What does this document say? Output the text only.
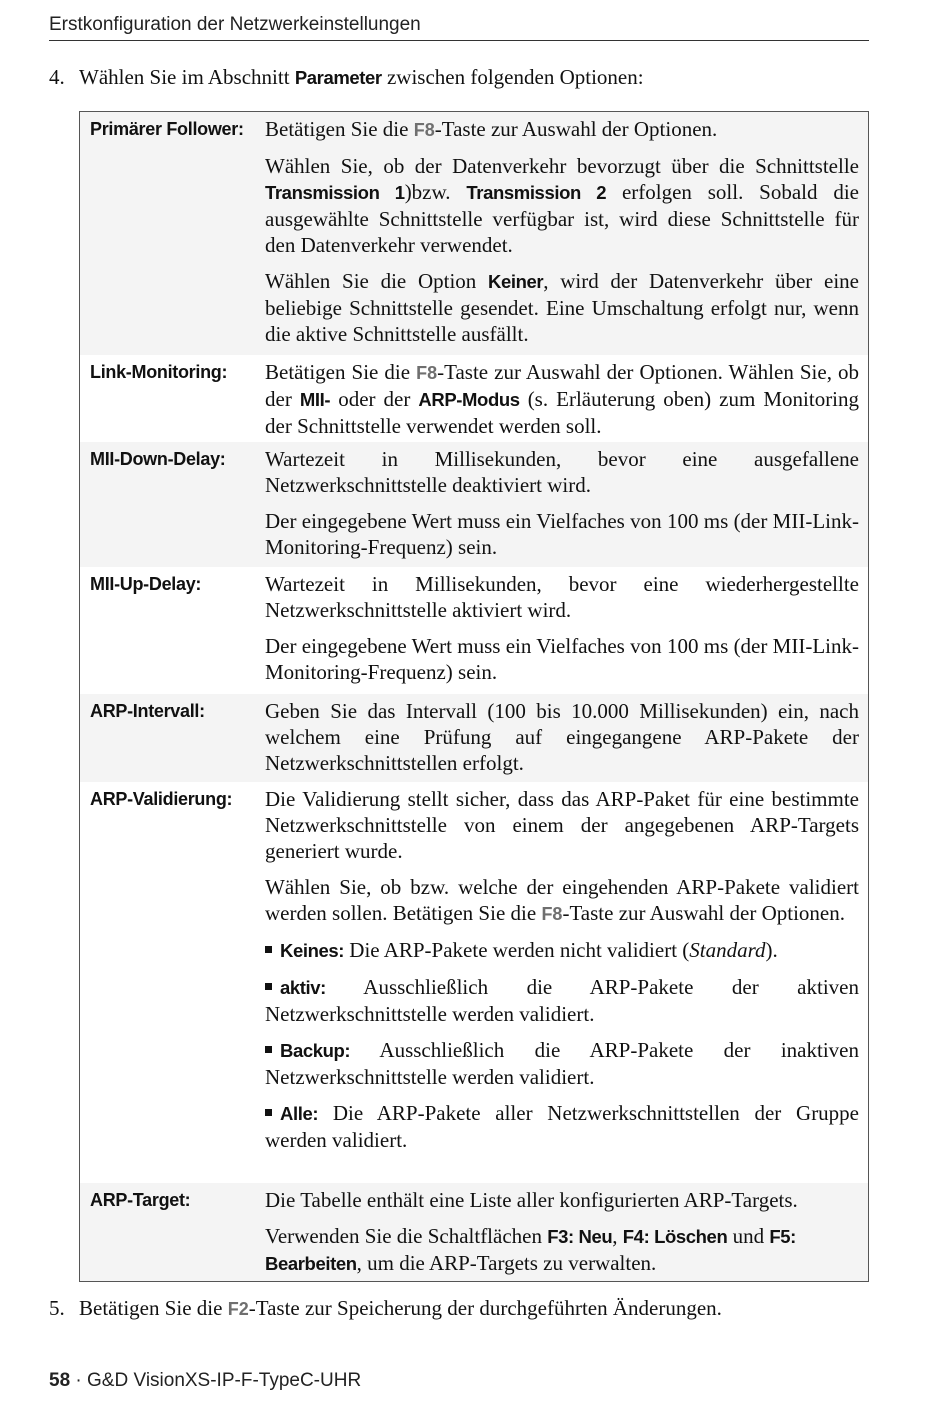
Erstkonfiguration der Netzwerkeinstellungen
4. Wählen Sie im Abschnitt Parameter zwischen folgenden Optionen:
Primärer Follower:	Betätigen Sie die F8-Taste zur Auswahl der Optionen.

Wählen Sie, ob der Datenverkehr bevorzugt über die Schnittstelle Transmission 1)bzw. Transmission 2 erfolgen soll. Sobald die ausgewählte Schnittstelle verfügbar ist, wird diese Schnittstelle für den Datenverkehr verwendet.

Wählen Sie die Option Keiner, wird der Datenverkehr über eine beliebige Schnittstelle gesendet. Eine Umschaltung erfolgt nur, wenn die aktive Schnittstelle ausfällt.

Link-Monitoring:	Betätigen Sie die F8-Taste zur Auswahl der Optionen. Wählen Sie, ob der MII- oder der ARP-Modus (s. Erläuterung oben) zum Monitoring der Schnittstelle verwendet werden soll.

MII-Down-Delay:	Wartezeit in Millisekunden, bevor eine ausgefallene Netzwerkschnittstelle deaktiviert wird.

Der eingegebene Wert muss ein Vielfaches von 100 ms (der MII-Link-Monitoring-Frequenz) sein.

MII-Up-Delay:	Wartezeit in Millisekunden, bevor eine wiederhergestellte Netzwerkschnittstelle aktiviert wird.

Der eingegebene Wert muss ein Vielfaches von 100 ms (der MII-Link-Monitoring-Frequenz) sein.

ARP-Intervall:	Geben Sie das Intervall (100 bis 10.000 Millisekunden) ein, nach welchem eine Prüfung auf eingegangene ARP-Pakete der Netzwerkschnittstellen erfolgt.

ARP-Validierung:	Die Validierung stellt sicher, dass das ARP-Paket für eine bestimmte Netzwerkschnittstelle von einem der angegebenen ARP-Targets generiert wurde.

Wählen Sie, ob bzw. welche der eingehenden ARP-Pakete validiert werden sollen. Betätigen Sie die F8-Taste zur Auswahl der Optionen.

Keines: Die ARP-Pakete werden nicht validiert (Standard).
aktiv: Ausschließlich die ARP-Pakete der aktiven Netzwerkschnittstelle werden validiert.
Backup: Ausschließlich die ARP-Pakete der inaktiven Netzwerkschnittstelle werden validiert.
Alle: Die ARP-Pakete aller Netzwerkschnittstellen der Gruppe werden validiert.
ARP-Target:	Die Tabelle enthält eine Liste aller konfigurierten ARP-Targets.

Verwenden Sie die Schaltflächen F3: Neu, F4: Löschen und F5: Bearbeiten, um die ARP-Targets zu verwalten.

5. Betätigen Sie die F2-Taste zur Speicherung der durchgeführten Änderungen.
58 · G&D VisionXS-IP-F-TypeC-UHR
